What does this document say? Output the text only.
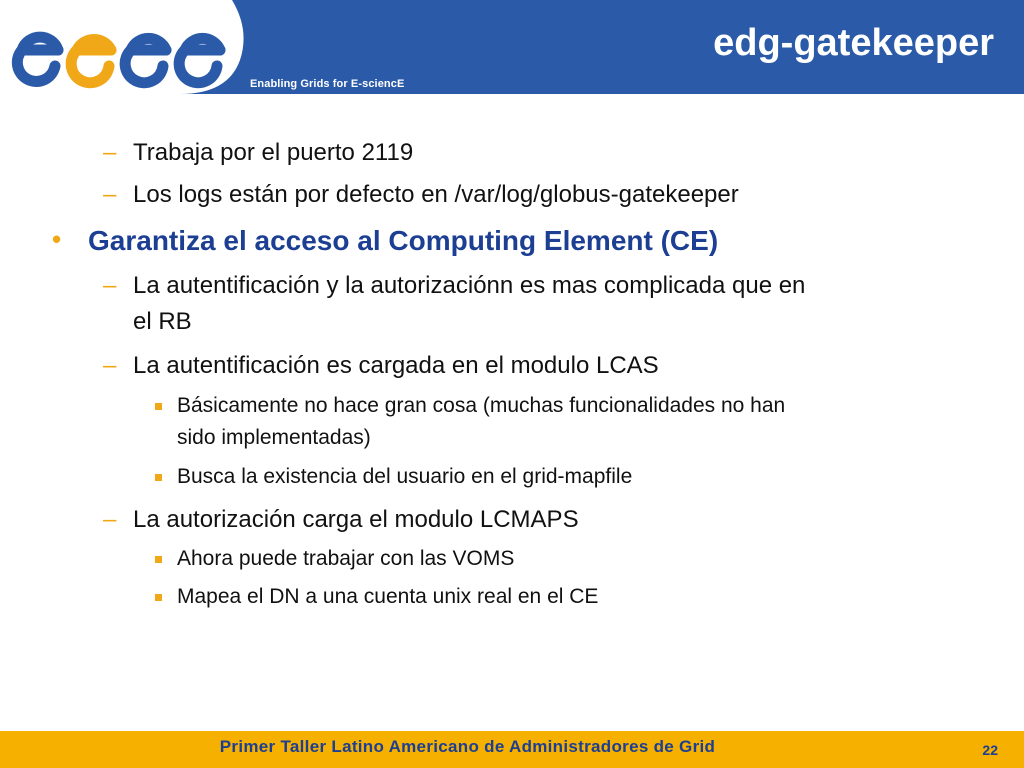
Enabling Grids for E-sciencE
edg-gatekeeper
– Trabaja por el puerto 2119
– Los logs están por defecto en /var/log/globus-gatekeeper
• Garantiza el acceso al Computing Element (CE)
– La autentificación y la autorizaciónn es mas complicada que en
el RB
– La autentificación es cargada en el modulo LCAS
Básicamente no hace gran cosa (muchas funcionalidades no han
sido implementadas)
Busca la existencia del usuario en el grid-mapfile
– La autorización carga el modulo LCMAPS
Ahora puede trabajar con las VOMS
Mapea el DN a una cuenta unix real en el CE
Primer Taller Latino Americano de Administradores de Grid	22
